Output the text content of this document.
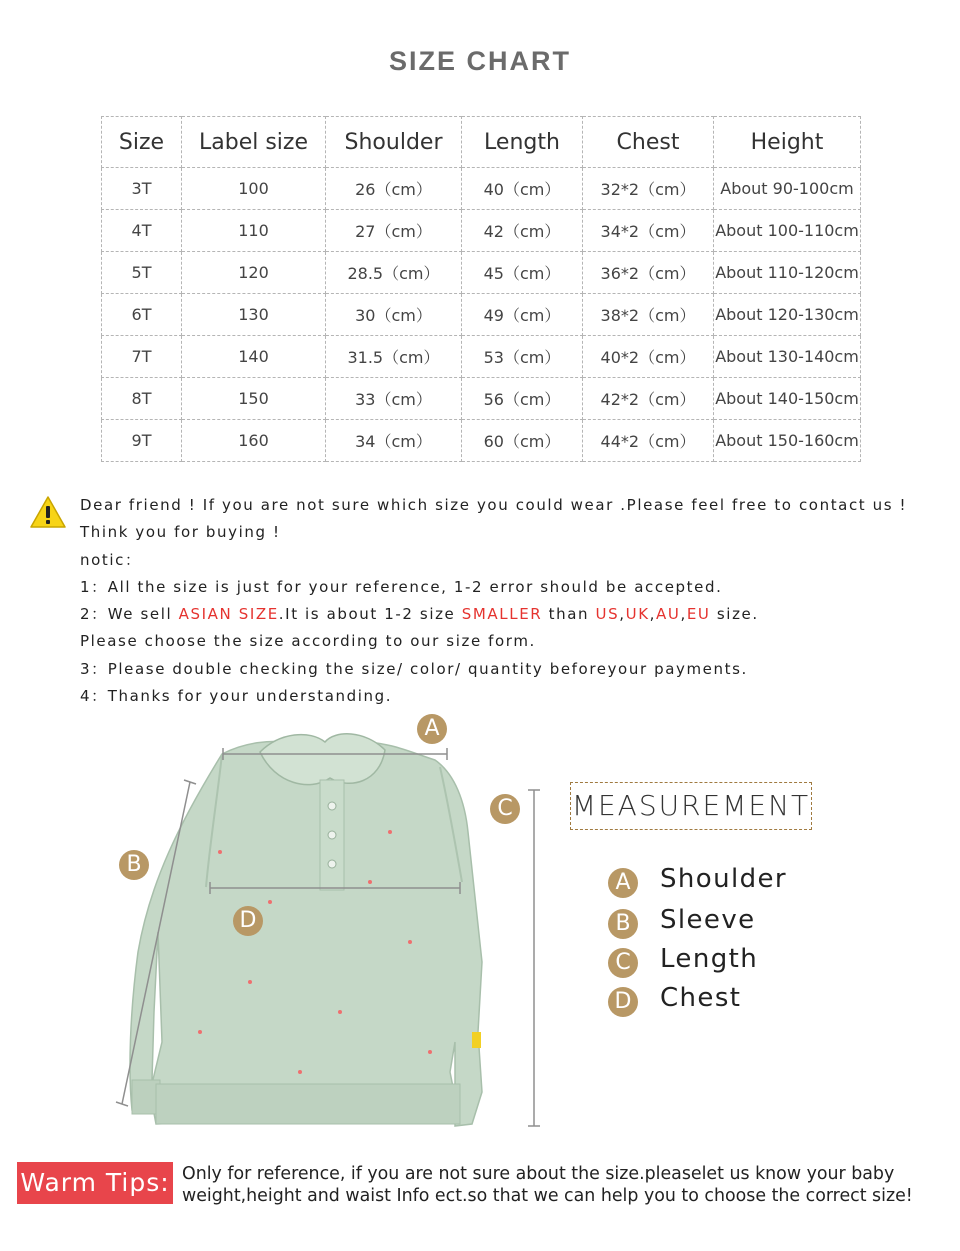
SIZE CHART
Size	Label size	Shoulder	Length	Chest	Height
3T	100	26（cm）	40（cm）	32*2（cm）	About 90-100cm
4T	110	27（cm）	42（cm）	34*2（cm）	About 100-110cm
5T	120	28.5（cm）	45（cm）	36*2（cm）	About 110-120cm
6T	130	30（cm）	49（cm）	38*2（cm）	About 120-130cm
7T	140	31.5（cm）	53（cm）	40*2（cm）	About 130-140cm
8T	150	33（cm）	56（cm）	42*2（cm）	About 140-150cm
9T	160	34（cm）	60（cm）	44*2（cm）	About 150-160cm
Dear friend ! If you are not sure which size you could wear .Please feel free to contact us !
Think you for buying !
notic：
1：All the size is just for your reference, 1-2 error should be accepted.
2：We sell ASIAN SIZE.It is about 1-2 size SMALLER than US,UK,AU,EU size.
Please choose the size according to our size form.
3：Please double checking the size/ color/ quantity beforeyour payments.
4：Thanks for your understanding.
A
B
C
D
MEASUREMENT
A Shoulder
B Sleeve
C Length
D Chest
Warm Tips: Only for reference, if you are not sure about the size.pleaselet us know your baby weight,height and waist Info ect.so that we can help you to choose the correct size!
